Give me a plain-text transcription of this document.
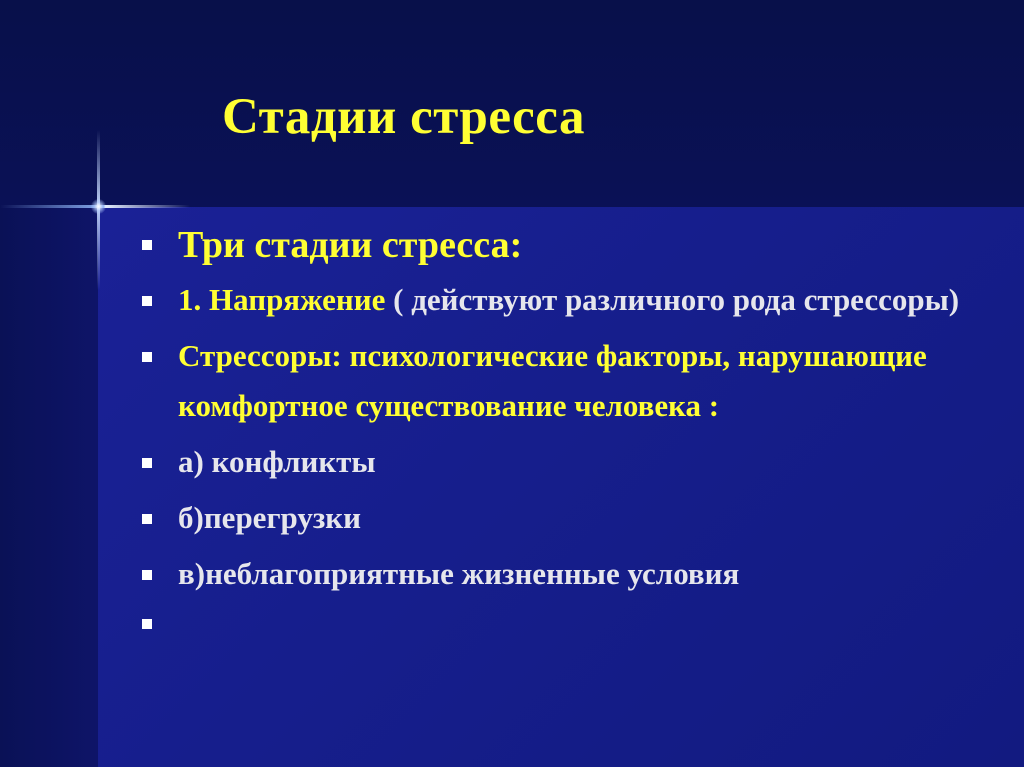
Стадии стресса
Три стадии стресса:
1. Напряжение ( действуют различного рода стрессоры)
Стрессоры: психологические факторы, нарушающие комфортное существование человека :
а) конфликты
б)перегрузки
в)неблагоприятные жизненные условия
